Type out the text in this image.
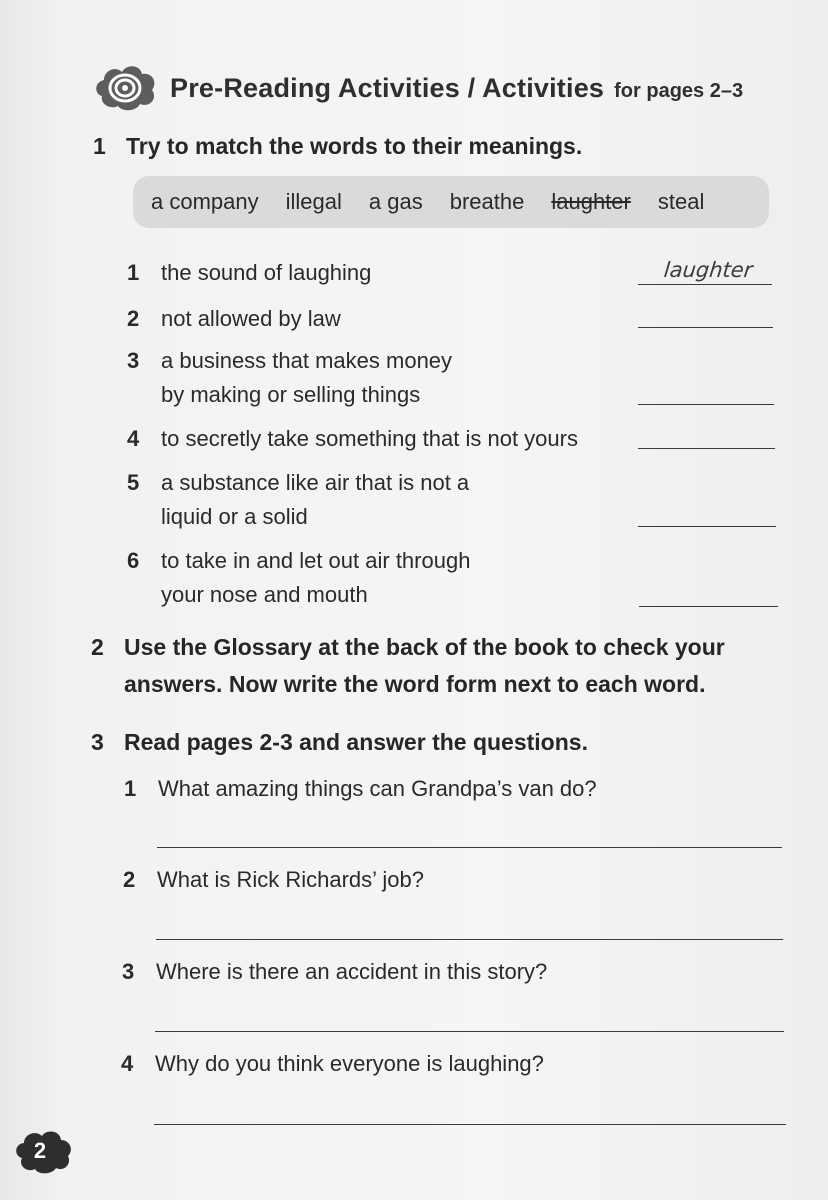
Pre-Reading Activities / Activities for pages 2–3
1 Try to match the words to their meanings.
a company illegal a gas breathe laughter steal
1 the sound of laughing	laughter
2 not allowed by law
3 a business that makes money
by making or selling things
4 to secretly take something that is not yours
5 a substance like air that is not a
liquid or a solid
6 to take in and let out air through
your nose and mouth
2 Use the Glossary at the back of the book to check your
answers. Now write the word form next to each word.
3 Read pages 2-3 and answer the questions.
1 What amazing things can Grandpa’s van do?
2 What is Rick Richards’ job?
3 Where is there an accident in this story?
4 Why do you think everyone is laughing?
2
